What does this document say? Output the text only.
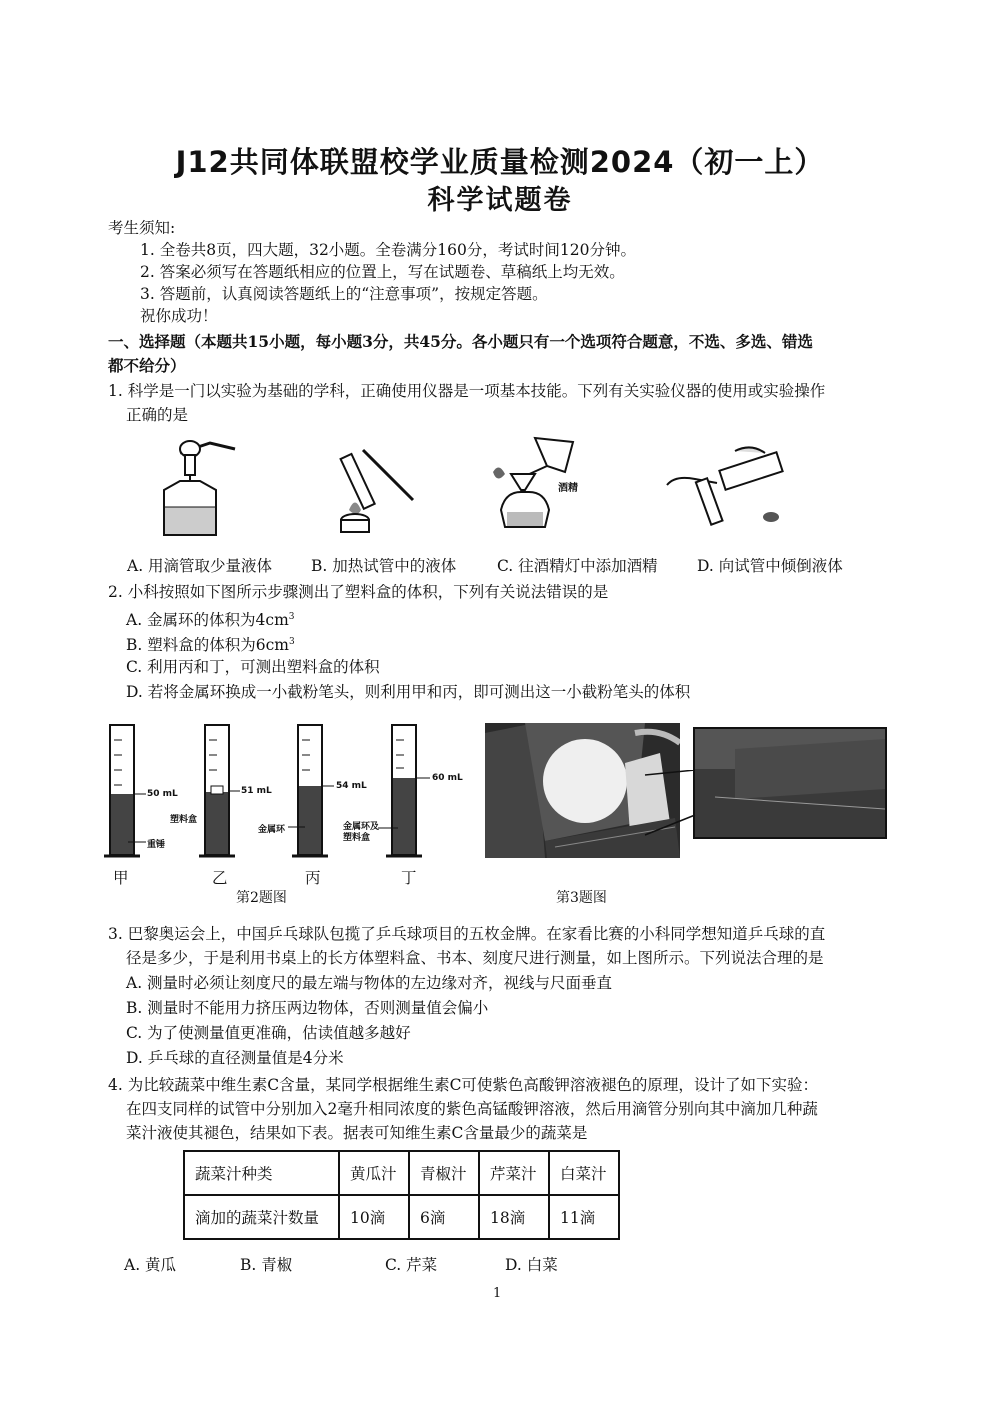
J12共同体联盟校学业质量检测2024（初一上）
科学试题卷
考生须知:
1. 全卷共8页，四大题，32小题。全卷满分160分，考试时间120分钟。
2. 答案必须写在答题纸相应的位置上，写在试题卷、草稿纸上均无效。
3. 答题前，认真阅读答题纸上的“注意事项”，按规定答题。
祝你成功！
一、选择题（本题共15小题，每小题3分，共45分。各小题只有一个选项符合题意，不选、多选、错选
都不给分）
1. 科学是一门以实验为基础的学科，正确使用仪器是一项基本技能。下列有关实验仪器的使用或实验操作
正确的是
酒精
A. 用滴管取少量液体	B. 加热试管中的液体	C. 往酒精灯中添加酒精	D. 向试管中倾倒液体
2. 小科按照如下图所示步骤测出了塑料盒的体积，下列有关说法错误的是
A. 金属环的体积为$4cm^3$
B. 塑料盒的体积为$6cm^3$
C. 利用丙和丁，可测出塑料盒的体积
D. 若将金属环换成一小截粉笔头，则利用甲和丙，即可测出这一小截粉笔头的体积
50 mL
重锤
51 mL
塑料盒
54 mL
金属环
60 mL
金属环及塑料盒
甲	乙	丙	丁
第2题图	第3题图
3. 巴黎奥运会上，中国乒乓球队包揽了乒乓球项目的五枚金牌。在家看比赛的小科同学想知道乒乓球的直
径是多少，于是利用书桌上的长方体塑料盒、书本、刻度尺进行测量，如上图所示。下列说法合理的是
A. 测量时必须让刻度尺的最左端与物体的左边缘对齐，视线与尺面垂直
B. 测量时不能用力挤压两边物体，否则测量值会偏小
C. 为了使测量值更准确，估读值越多越好
D. 乒乓球的直径测量值是4分米
4. 为比较蔬菜中维生素C含量，某同学根据维生素C可使紫色高酸钾溶液褪色的原理，设计了如下实验：
在四支同样的试管中分别加入2毫升相同浓度的紫色高锰酸钾溶液，然后用滴管分别向其中滴加几种蔬
菜汁液使其褪色，结果如下表。据表可知维生素C含量最少的蔬菜是
蔬菜汁种类	黄瓜汁	青椒汁	芹菜汁	白菜汁
滴加的蔬菜汁数量	10滴	6滴	18滴	11滴
A. 黄瓜	B. 青椒	C. 芹菜	D. 白菜
1
